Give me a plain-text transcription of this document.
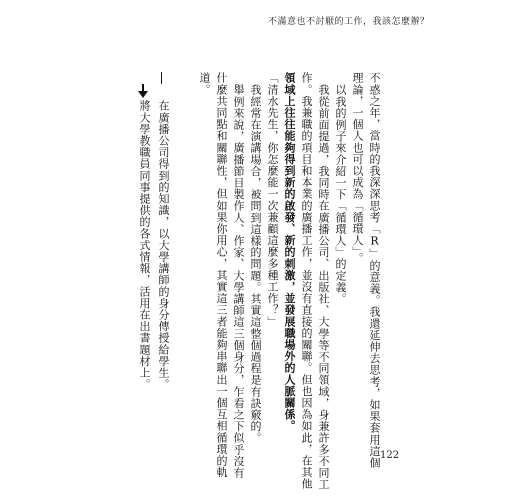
不滿意也不討厭的工作，我該怎麼辦？
不惑之年，當時的我深深思考「R」的意義。我還延伸去思考，如果套用這個
理論，一個人也可以成為「循環人」。
以我的例子來介紹一下「循環人」的定義。
我從前面提過，我同時在廣播公司、出版社、大學等不同領域，身兼許多不同工
作。我兼職的項目和本業的廣播工作，並沒有直接的關聯。但也因為如此，在其他
領域上往往能夠得到新的啟發、新的刺激，並發展職場外的人脈關係。
「清水先生，你怎麼能一次兼顧這麼多種工作？」
我經常在演講場合，被問到這樣的問題。其實這整個過程是有訣竅的。
舉例來說，廣播節目製作人、作家、大學講師這三個身分，乍看之下似乎沒有
什麼共同點和關聯性，但如果你用心，其實這三者能夠串聯出一個互相循環的軌
道。
在廣播公司得到的知識，以大學講師的身分傳授給學生。
將大學教職員同事提供的各式情報，活用在出書題材上。
122
